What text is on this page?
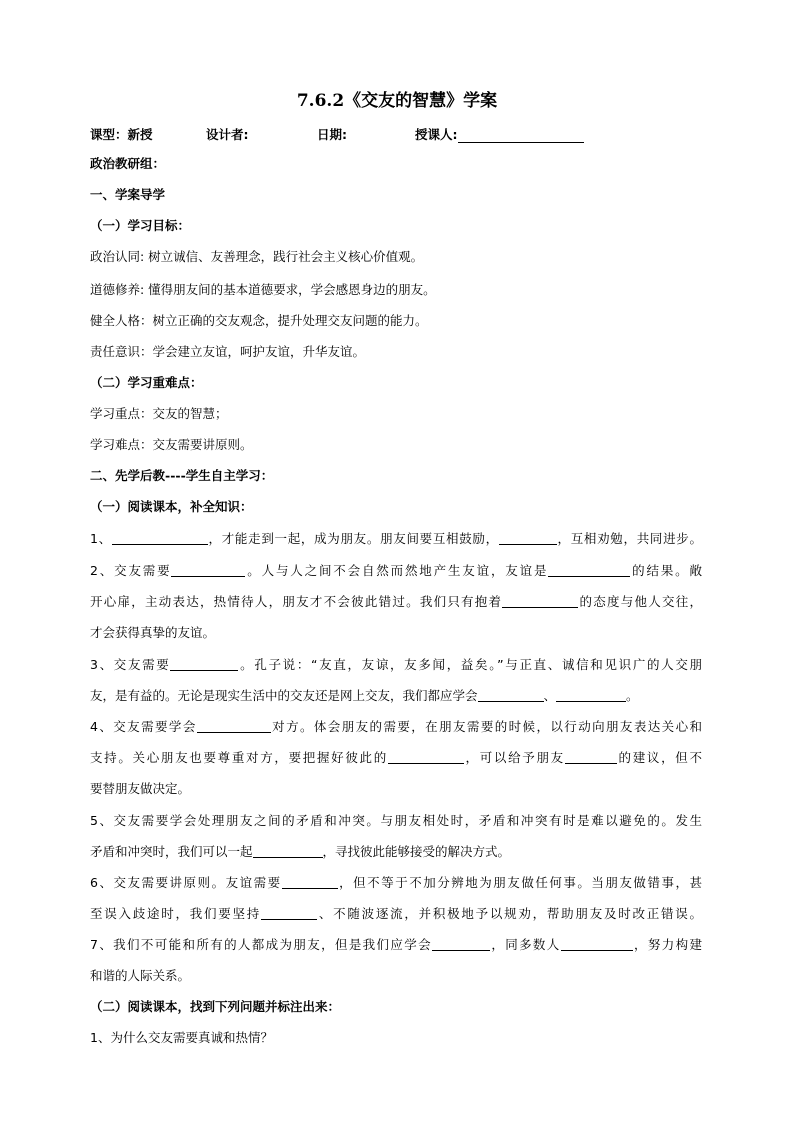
7.6.2《交友的智慧》学案
课型：新授	设计者:	日期:	授课人:
政治教研组：
一、学案导学
（一）学习目标：
政治认同: 树立诚信、友善理念，践行社会主义核心价值观。
道德修养: 懂得朋友间的基本道德要求，学会感恩身边的朋友。
健全人格：树立正确的交友观念，提升处理交友问题的能力。
责任意识：学会建立友谊，呵护友谊，升华友谊。
（二）学习重难点：
学习重点：交友的智慧；
学习难点：交友需要讲原则。
二、先学后教----学生自主学习：
（一）阅读课本，补全知识：
1、	，才能走到一起，成为朋友。朋友间要互相鼓励，	，互相劝勉，共同进步。
2、交友需要	。人与人之间不会自然而然地产生友谊，友谊是	的结果。敞
开心扉，主动表达，热情待人，朋友才不会彼此错过。我们只有抱着	的态度与他人交往，
才会获得真挚的友谊。
3、交友需要	。孔子说：“友直，友谅，友多闻，益矣。”与正直、诚信和见识广的人交朋
友，是有益的。无论是现实生活中的交友还是网上交友，我们都应学会	、	。
4、交友需要学会	对方。体会朋友的需要，在朋友需要的时候，以行动向朋友表达关心和
支持。关心朋友也要尊重对方，要把握好彼此的	，可以给予朋友	的建议，但不
要替朋友做决定。
5、交友需要学会处理朋友之间的矛盾和冲突。与朋友相处时，矛盾和冲突有时是难以避免的。发生
矛盾和冲突时，我们可以一起	，寻找彼此能够接受的解决方式。
6、交友需要讲原则。友谊需要	，但不等于不加分辨地为朋友做任何事。当朋友做错事，甚
至误入歧途时，我们要坚持	、不随波逐流，并积极地予以规劝，帮助朋友及时改正错误。
7、我们不可能和所有的人都成为朋友，但是我们应学会	，同多数人	，努力构建
和谐的人际关系。
（二）阅读课本，找到下列问题并标注出来：
1、为什么交友需要真诚和热情？
